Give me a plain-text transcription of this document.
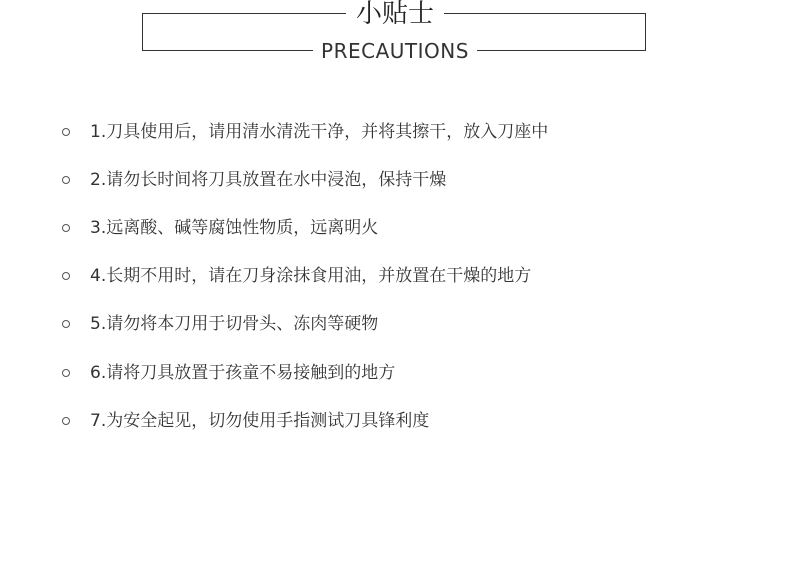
小贴士
PRECAUTIONS
1.刀具使用后，请用清水清洗干净，并将其擦干，放入刀座中
2.请勿长时间将刀具放置在水中浸泡，保持干燥
3.远离酸、碱等腐蚀性物质，远离明火
4.长期不用时，请在刀身涂抹食用油，并放置在干燥的地方
5.请勿将本刀用于切骨头、冻肉等硬物
6.请将刀具放置于孩童不易接触到的地方
7.为安全起见，切勿使用手指测试刀具锋利度
